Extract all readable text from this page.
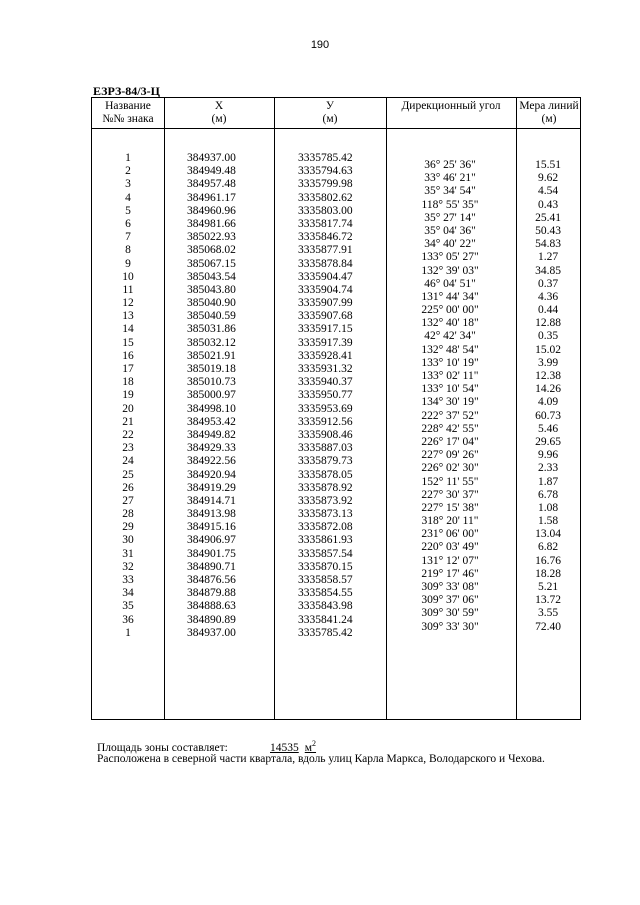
190
ЕЗРЗ-84/3-Ц
Название
№№ знака
X
(м)
У
(м)
Дирекционный угол	Мера линий
(м)
1
2
3
4
5
6
7
8
9
10
11
12
13
14
15
16
17
18
19
20
21
22
23
24
25
26
27
28
29
30
31
32
33
34
35
36
1
384937.00
384949.48
384957.48
384961.17
384960.96
384981.66
385022.93
385068.02
385067.15
385043.54
385043.80
385040.90
385040.59
385031.86
385032.12
385021.91
385019.18
385010.73
385000.97
384998.10
384953.42
384949.82
384929.33
384922.56
384920.94
384919.29
384914.71
384913.98
384915.16
384906.97
384901.75
384890.71
384876.56
384879.88
384888.63
384890.89
384937.00
3335785.42
3335794.63
3335799.98
3335802.62
3335803.00
3335817.74
3335846.72
3335877.91
3335878.84
3335904.47
3335904.74
3335907.99
3335907.68
3335917.15
3335917.39
3335928.41
3335931.32
3335940.37
3335950.77
3335953.69
3335912.56
3335908.46
3335887.03
3335879.73
3335878.05
3335878.92
3335873.92
3335873.13
3335872.08
3335861.93
3335857.54
3335870.15
3335858.57
3335854.55
3335843.98
3335841.24
3335785.42
36° 25' 36"
33° 46' 21"
35° 34' 54"
118° 55' 35"
35° 27' 14"
35° 04' 36"
34° 40' 22"
133° 05' 27"
132° 39' 03"
46° 04' 51"
131° 44' 34"
225° 00' 00"
132° 40' 18"
42° 42' 34"
132° 48' 54"
133° 10' 19"
133° 02' 11"
133° 10' 54"
134° 30' 19"
222° 37' 52"
228° 42' 55"
226° 17' 04"
227° 09' 26"
226° 02' 30"
152° 11' 55"
227° 30' 37"
227° 15' 38"
318° 20' 11"
231° 06' 00"
220° 03' 49"
131° 12' 07"
219° 17' 46"
309° 33' 08"
309° 37' 06"
309° 30' 59"
309° 33' 30"
15.51
9.62
4.54
0.43
25.41
50.43
54.83
1.27
34.85
0.37
4.36
0.44
12.88
0.35
15.02
3.99
12.38
14.26
4.09
60.73
5.46
29.65
9.96
2.33
1.87
6.78
1.08
1.58
13.04
6.82
16.76
18.28
5.21
13.72
3.55
72.40
Площадь зоны составляет:	14535 $м^2$
Расположена в северной части квартала, вдоль улиц Карла Маркса, Володарского и Чехова.
